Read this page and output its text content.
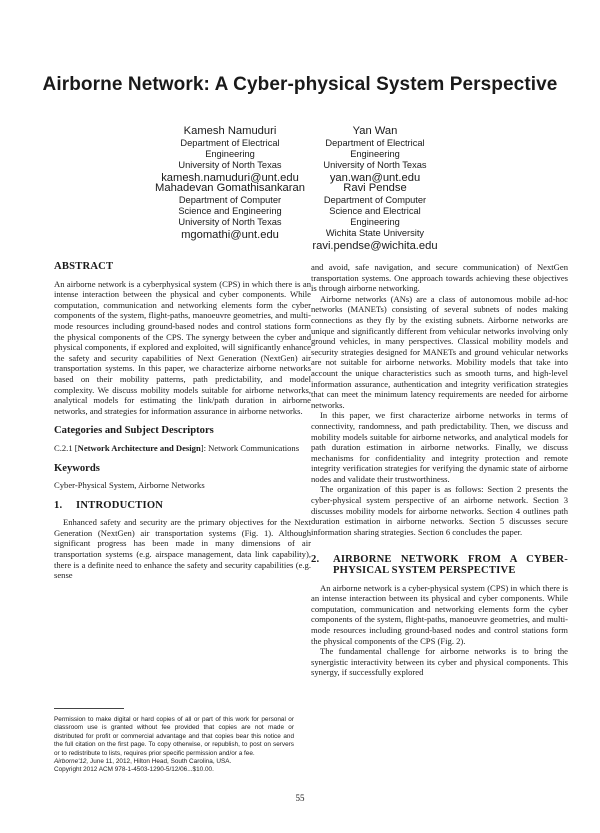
Airborne Network: A Cyber-physical System Perspective
Kamesh Namuduri
Department of Electrical
Engineering
University of North Texas
kamesh.namuduri@unt.edu
Yan Wan
Department of Electrical
Engineering
University of North Texas
yan.wan@unt.edu
Mahadevan Gomathisankaran
Department of Computer
Science and Engineering
University of North Texas
mgomathi@unt.edu
Ravi Pendse
Department of Computer
Science and Electrical
Engineering
Wichita State University
ravi.pendse@wichita.edu
ABSTRACT

An airborne network is a cyberphysical system (CPS) in which there is an intense interaction between the physical and cyber components. While computation, communication and networking elements form the cyber components of the system, flight-paths, manoeuvre geometries, and multi-mode resources including ground-based nodes and control stations form the physical components of the CPS. The synergy between the cyber and physical components, if explored and exploited, will significantly enhance the safety and security capabilities of Next Generation (NextGen) air transportation systems. In this paper, we characterize airborne networks based on their mobility patterns, path predictability, and model complexity. We discuss mobility models suitable for airborne networks, analytical models for estimating the link/path duration in airborne networks, and strategies for information assurance in airborne networks.

Categories and Subject Descriptors

C.2.1 [Network Architecture and Design]: Network Communications

Keywords

Cyber-Physical System, Airborne Networks

1. INTRODUCTION

Enhanced safety and security are the primary objectives for the Next Generation (NextGen) air transportation systems (Fig. 1). Although significant progress has been made in many dimensions of air transportation systems (e.g. airspace management, data link capability), there is a definite need to enhance the safety and security capabilities (e.g. sense

Permission to make digital or hard copies of all or part of this work for personal or classroom use is granted without fee provided that copies are not made or distributed for profit or commercial advantage and that copies bear this notice and the full citation on the first page. To copy otherwise, or republish, to post on servers or to redistribute to lists, requires prior specific permission and/or a fee.
Airborne'12, June 11, 2012, Hilton Head, South Carolina, USA.
Copyright 2012 ACM 978-1-4503-1290-5/12/06...$10.00.

and avoid, safe navigation, and secure communication) of NextGen transportation systems. One approach towards achieving these objectives is through airborne networking.

Airborne networks (ANs) are a class of autonomous mobile ad-hoc networks (MANETs) consisting of several subnets of nodes making connections as they fly by the existing subnets. Airborne networks are unique and significantly different from vehicular networks involving only ground vehicles, in many perspectives. Classical mobility models and security strategies designed for MANETs and ground vehicular networks are not suitable for airborne networks. Mobility models that take into account the unique characteristics such as smooth turns, and high-level information assurance, authentication and integrity verification strategies that can meet the minimum latency requirements are needed for airborne networks.

In this paper, we first characterize airborne networks in terms of connectivity, randomness, and path predictability. Then, we discuss and mobility models suitable for airborne networks, and analytical models for path duration estimation in airborne networks. Finally, we discuss mechanisms for confidentiality and integrity protection and remote integrity verification strategies for verifying the dynamic state of airborne nodes and validate their trustworthiness.

The organization of this paper is as follows: Section 2 presents the cyber-physical system perspective of an airborne network. Section 3 discusses mobility models for airborne networks. Section 4 outlines path duration estimation in airborne networks. Section 5 discusses secure information sharing strategies. Section 6 concludes the paper.

2.	AIRBORNE NETWORK FROM A CYBER-PHYSICAL SYSTEM PERSPECTIVE

An airborne network is a cyber-physical system (CPS) in which there is an intense interaction between its physical and cyber components. While computation, communication and networking elements form the cyber components of the system, flight-paths, manoeuvre geometries, and multi-mode resources including ground-based nodes and control stations form the physical components of the CPS (Fig. 2).

The fundamental challenge for airborne networks is to bring the synergistic interactivity between its cyber and physical components. This synergy, if successfully explored

55
